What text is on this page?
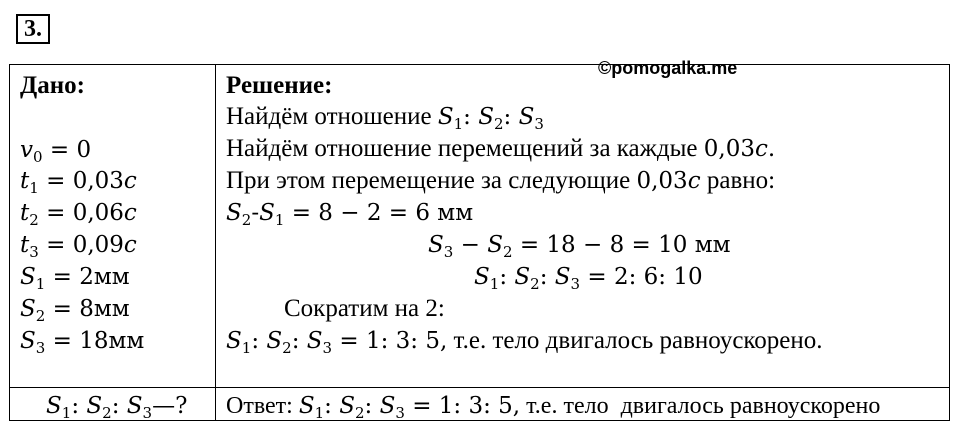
3.
©pomogalka.me
Дано:
$v_0 = 0$
$t_1 = 0,03c$
$t_2 = 0,06c$
$t_3 = 0,09c$
$S_1 = 2мм$
$S_2 = 8мм$
$S_3 = 18мм$
$S_1$: $S_2$: $S_3—$?
Решение:
Найдём отношение $S_1$: $S_2$: $S_3$
Найдём отношение перемещений за каждые 0,03c.
При этом перемещение за следующие 0,03c равно:
$S_2-S_1 = 8 - 2 = 6$ мм
$S_3 - S_2 = 18 - 8 = 10$ мм
$S_1$: $S_2$: $S_3 = 2$: 6: 10
Сократим на 2:
$S_1$: $S_2$: $S_3 = 1$: 3: 5, т.е. тело двигалось равноускорено.
Ответ: $S_1$: $S_2$: $S_3 = 1$: 3: 5, т.е. тело  двигалось равноускорено
